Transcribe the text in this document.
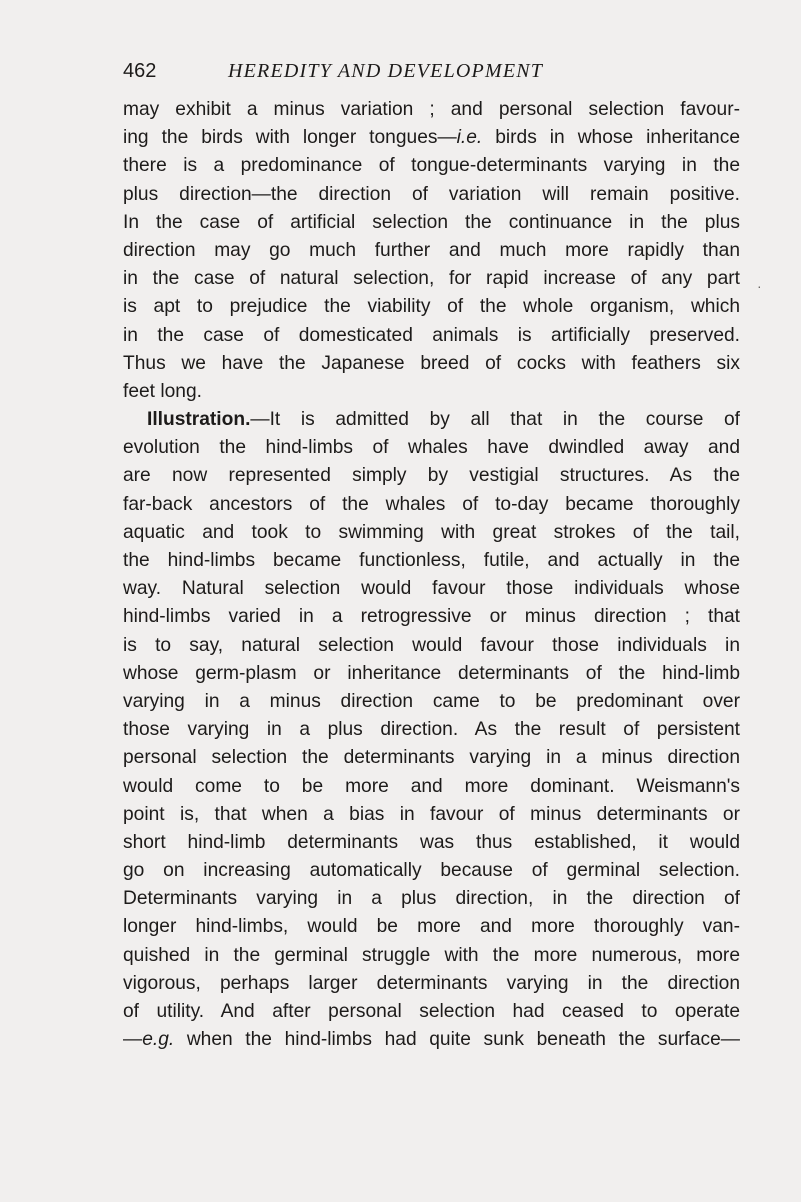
462	HEREDITY AND DEVELOPMENT
may exhibit a minus variation ; and personal selection favour-
ing the birds with longer tongues—i.e. birds in whose inheritance
there is a predominance of tongue-determinants varying in the
plus direction—the direction of variation will remain positive.
In the case of artificial selection the continuance in the plus
direction may go much further and much more rapidly than
in the case of natural selection, for rapid increase of any part
is apt to prejudice the viability of the whole organism, which
in the case of domesticated animals is artificially preserved.
Thus we have the Japanese breed of cocks with feathers six
feet long.
Illustration.—It is admitted by all that in the course of
evolution the hind-limbs of whales have dwindled away and
are now represented simply by vestigial structures. As the
far-back ancestors of the whales of to-day became thoroughly
aquatic and took to swimming with great strokes of the tail,
the hind-limbs became functionless, futile, and actually in the
way. Natural selection would favour those individuals whose
hind-limbs varied in a retrogressive or minus direction ; that
is to say, natural selection would favour those individuals in
whose germ-plasm or inheritance determinants of the hind-limb
varying in a minus direction came to be predominant over
those varying in a plus direction. As the result of persistent
personal selection the determinants varying in a minus direction
would come to be more and more dominant. Weismann's
point is, that when a bias in favour of minus determinants or
short hind-limb determinants was thus established, it would
go on increasing automatically because of germinal selection.
Determinants varying in a plus direction, in the direction of
longer hind-limbs, would be more and more thoroughly van-
quished in the germinal struggle with the more numerous, more
vigorous, perhaps larger determinants varying in the direction
of utility. And after personal selection had ceased to operate
—e.g. when the hind-limbs had quite sunk beneath the surface—
·
